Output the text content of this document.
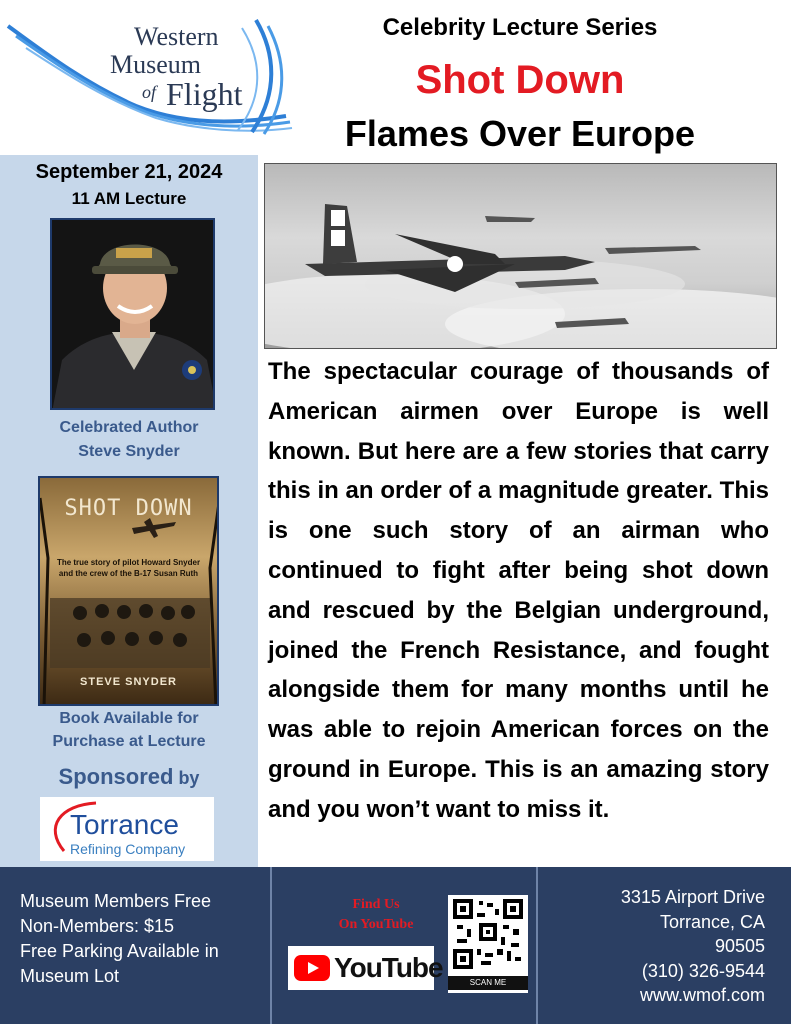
Western
Museum
of Flight
Celebrity Lecture Series
Shot Down
Flames Over Europe
September 21, 2024
11 AM Lecture
Celebrated Author
Steve Snyder
SHOT DOWN
The true story of pilot Howard Snyder
and the crew of the B-17 Susan Ruth
STEVE SNYDER
Book Available for
Purchase at Lecture
Sponsored by
Torrance
Refining Company
The spectacular courage of thousands of American airmen over Europe is well known. But here are a few stories that carry this in an order of a magnitude greater. This is one such story of an airman who continued to fight after being shot down and rescued by the Belgian underground, joined the French Resistance, and fought alongside them for many months until he was able to rejoin American forces on the ground in Europe. This is an amazing story and you won’t want to miss it.
Museum Members Free
Non-Members: $15
Free Parking Available in
Museum Lot
Find Us
On YouTube
YouTube	SCAN ME
3315 Airport Drive
Torrance, CA
90505
(310) 326-9544
www.wmof.com
